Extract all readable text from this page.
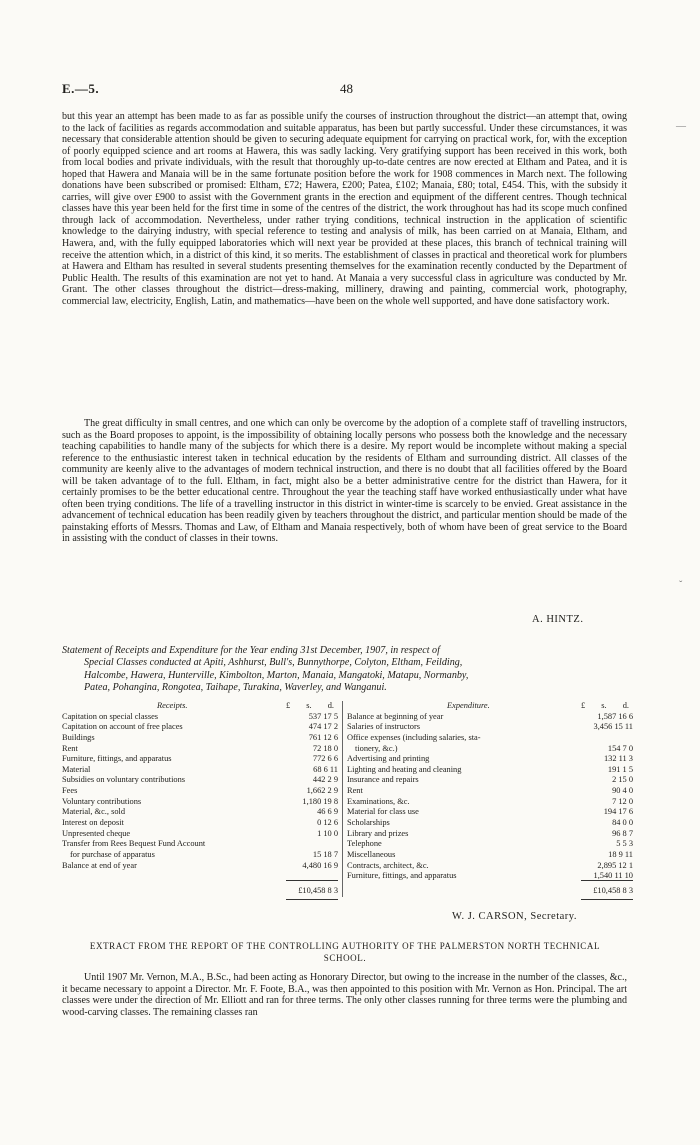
E.—5.	48

but this year an attempt has been made to as far as possible unify the courses of instruction throughout the district—an attempt that, owing to the lack of facilities as regards accommodation and suitable apparatus, has been but partly successful. Under these circumstances, it was necessary that considerable attention should be given to securing adequate equipment for carrying on practical work, for, with the exception of poorly equipped science and art rooms at Hawera, this was sadly lacking. Very gratifying support has been received in this work, both from local bodies and private individuals, with the result that thoroughly up-to-date centres are now erected at Eltham and Patea, and it is hoped that Hawera and Manaia will be in the same fortunate position before the work for 1908 commences in March next. The following donations have been subscribed or promised: Eltham, £72; Hawera, £200; Patea, £102; Manaia, £80; total, £454. This, with the subsidy it carries, will give over £900 to assist with the Government grants in the erection and equipment of the different centres. Though technical classes have this year been held for the first time in some of the centres of the district, the work throughout has had its scope much confined through lack of accommodation. Nevertheless, under rather trying conditions, technical instruction in the application of scientific knowledge to the dairying industry, with special reference to testing and analysis of milk, has been carried on at Manaia, Eltham, and Hawera, and, with the fully equipped laboratories which will next year be provided at these places, this branch of technical training will receive the attention which, in a district of this kind, it so merits. The establishment of classes in practical and theoretical work for plumbers at Hawera and Eltham has resulted in several students presenting themselves for the examination recently conducted by the Department of Public Health. The results of this examination are not yet to hand. At Manaia a very successful class in agriculture was conducted by Mr. Grant. The other classes throughout the district—dress-making, millinery, drawing and painting, commercial work, photography, commercial law, electricity, English, Latin, and mathematics—have been on the whole well supported, and have done satisfactory work.

The great difficulty in small centres, and one which can only be overcome by the adoption of a complete staff of travelling instructors, such as the Board proposes to appoint, is the impossibility of obtaining locally persons who possess both the knowledge and the necessary teaching capabilities to handle many of the subjects for which there is a desire. My report would be incomplete without making a special reference to the enthusiastic interest taken in technical education by the residents of Eltham and surrounding district. All classes of the community are keenly alive to the advantages of modern technical instruction, and there is no doubt that all facilities offered by the Board will be taken advantage of to the full. Eltham, in fact, might also be a better administrative centre for the district than Hawera, for it certainly promises to be the better educational centre. Throughout the year the teaching staff have worked enthusiastically under what have often been trying conditions. The life of a travelling instructor in this district in winter-time is scarcely to be envied. Great assistance in the advancement of technical education has been readily given by teachers throughout the district, and particular mention should be made of the painstaking efforts of Messrs. Thomas and Law, of Eltham and Manaia respectively, both of whom have been of great service to the Board in assisting with the conduct of classes in their towns.

A. HINTZ.
Statement of Receipts and Expenditure for the Year ending 31st December, 1907, in respect of
Special Classes conducted at Apiti, Ashhurst, Bull's, Bunnythorpe, Colyton, Eltham, Feilding,
Halcombe, Hawera, Hunterville, Kimbolton, Marton, Manaia, Mangatoki, Matapu, Normanby,
Patea, Pohangina, Rongotea, Taihape, Turakina, Waverley, and Wanganui.
Receipts.	£ s. d.
Capitation on special classes	537 17 5
Capitation on account of free places	474 17 2
Buildings	761 12 6
Rent	72 18 0
Furniture, fittings, and apparatus	772 6 6
Material	68 6 11
Subsidies on voluntary contributions	442 2 9
Fees	1,662 2 9
Voluntary contributions	1,180 19 8
Material, &c., sold	46 6 9
Interest on deposit	0 12 6
Unpresented cheque	1 10 0
Transfer from Rees Bequest Fund Account
for purchase of apparatus	15 18 7
Balance at end of year	4,480 16 9
£10,458 8 3
Expenditure.	£ s. d.
Balance at beginning of year	1,587 16 6
Salaries of instructors	3,456 15 11
Office expenses (including salaries, sta-
tionery, &c.)	154 7 0
Advertising and printing	132 11 3
Lighting and heating and cleaning	191 1 5
Insurance and repairs	2 15 0
Rent	90 4 0
Examinations, &c.	7 12 0
Material for class use	194 17 6
Scholarships	84 0 0
Library and prizes	96 8 7
Telephone	5 5 3
Miscellaneous	18 9 11
Contracts, architect, &c.	2,895 12 1
Furniture, fittings, and apparatus	1,540 11 10
£10,458 8 3
W. J. CARSON, Secretary.
EXTRACT FROM THE REPORT OF THE CONTROLLING AUTHORITY OF THE PALMERSTON NORTH TECHNICAL
SCHOOL.

Until 1907 Mr. Vernon, M.A., B.Sc., had been acting as Honorary Director, but owing to the increase in the number of the classes, &c., it became necessary to appoint a Director. Mr. F. Foote, B.A., was then appointed to this position with Mr. Vernon as Hon. Principal. The art classes were under the direction of Mr. Elliott and ran for three terms. The only other classes running for three terms were the plumbing and wood-carving classes. The remaining classes ran

―
ˇ
